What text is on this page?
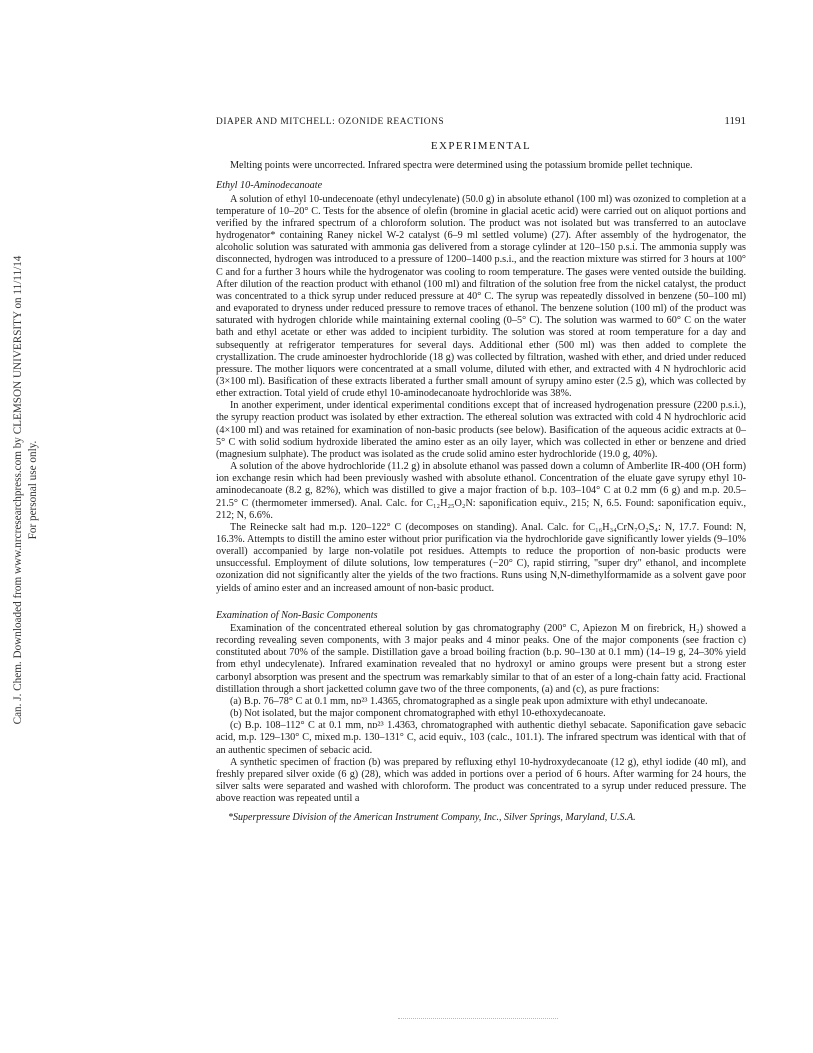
Can. J. Chem. Downloaded from www.nrcresearchpress.com by CLEMSON UNIVERSITY on 11/11/14 For personal use only.
DIAPER AND MITCHELL: OZONIDE REACTIONS	1191
EXPERIMENTAL

Melting points were uncorrected. Infrared spectra were determined using the potassium bromide pellet technique.

Ethyl 10-Aminodecanoate

A solution of ethyl 10-undecenoate (ethyl undecylenate) (50.0 g) in absolute ethanol (100 ml) was ozonized to completion at a temperature of 10–20° C. Tests for the absence of olefin (bromine in glacial acetic acid) were carried out on aliquot portions and verified by the infrared spectrum of a chloroform solution. The product was not isolated but was transferred to an autoclave hydrogenator* containing Raney nickel W-2 catalyst (6–9 ml settled volume) (27). After assembly of the hydrogenator, the alcoholic solution was saturated with ammonia gas delivered from a storage cylinder at 120–150 p.s.i. The ammonia supply was disconnected, hydrogen was introduced to a pressure of 1200–1400 p.s.i., and the reaction mixture was stirred for 3 hours at 100° C and for a further 3 hours while the hydrogenator was cooling to room temperature. The gases were vented outside the building. After dilution of the reaction product with ethanol (100 ml) and filtration of the solution free from the nickel catalyst, the product was concentrated to a thick syrup under reduced pressure at 40° C. The syrup was repeatedly dissolved in benzene (50–100 ml) and evaporated to dryness under reduced pressure to remove traces of ethanol. The benzene solution (100 ml) of the product was saturated with hydrogen chloride while maintaining external cooling (0–5° C). The solution was warmed to 60° C on the water bath and ethyl acetate or ether was added to incipient turbidity. The solution was stored at room temperature for a day and subsequently at refrigerator temperatures for several days. Additional ether (500 ml) was then added to complete the crystallization. The crude aminoester hydrochloride (18 g) was collected by filtration, washed with ether, and dried under reduced pressure. The mother liquors were concentrated at a small volume, diluted with ether, and extracted with 4 N hydrochloric acid (3×100 ml). Basification of these extracts liberated a further small amount of syrupy amino ester (2.5 g), which was collected by ether extraction. Total yield of crude ethyl 10-aminodecanoate hydrochloride was 38%.

In another experiment, under identical experimental conditions except that of increased hydrogenation pressure (2200 p.s.i.), the syrupy reaction product was isolated by ether extraction. The ethereal solution was extracted with cold 4 N hydrochloric acid (4×100 ml) and was retained for examination of non-basic products (see below). Basification of the aqueous acidic extracts at 0–5° C with solid sodium hydroxide liberated the amino ester as an oily layer, which was collected in ether or benzene and dried (magnesium sulphate). The product was isolated as the crude solid amino ester hydrochloride (19.0 g, 40%).

A solution of the above hydrochloride (11.2 g) in absolute ethanol was passed down a column of Amberlite IR-400 (OH form) ion exchange resin which had been previously washed with absolute ethanol. Concentration of the eluate gave syrupy ethyl 10-aminodecanoate (8.2 g, 82%), which was distilled to give a major fraction of b.p. 103–104° C at 0.2 mm (6 g) and m.p. 20.5–21.5° C (thermometer immersed). Anal. Calc. for C₁₂H₂₅O₂N: saponification equiv., 215; N, 6.5. Found: saponification equiv., 212; N, 6.6%.

The Reinecke salt had m.p. 120–122° C (decomposes on standing). Anal. Calc. for C₁₆H₃₄CrN₇O₂S₄: N, 17.7. Found: N, 16.3%. Attempts to distill the amino ester without prior purification via the hydrochloride gave significantly lower yields (9–10% overall) accompanied by large non-volatile pot residues. Attempts to reduce the proportion of non-basic products were unsuccessful. Employment of dilute solutions, low temperatures (−20° C), rapid stirring, "super dry" ethanol, and incomplete ozonization did not significantly alter the yields of the two fractions. Runs using N,N-dimethylformamide as a solvent gave poor yields of amino ester and an increased amount of non-basic product.

Examination of Non-Basic Components

Examination of the concentrated ethereal solution by gas chromatography (200° C, Apiezon M on firebrick, H₂) showed a recording revealing seven components, with 3 major peaks and 4 minor peaks. One of the major components (see fraction c) constituted about 70% of the sample. Distillation gave a broad boiling fraction (b.p. 90–130 at 0.1 mm) (14–19 g, 24–30% yield from ethyl undecylenate). Infrared examination revealed that no hydroxyl or amino groups were present but a strong ester carbonyl absorption was present and the spectrum was remarkably similar to that of an ester of a long-chain fatty acid. Fractional distillation through a short jacketted column gave two of the three components, (a) and (c), as pure fractions:

(a) B.p. 76–78° C at 0.1 mm, nᴅ²³ 1.4365, chromatographed as a single peak upon admixture with ethyl undecanoate.

(b) Not isolated, but the major component chromatographed with ethyl 10-ethoxydecanoate.

(c) B.p. 108–112° C at 0.1 mm, nᴅ²³ 1.4363, chromatographed with authentic diethyl sebacate. Saponification gave sebacic acid, m.p. 129–130° C, mixed m.p. 130–131° C, acid equiv., 103 (calc., 101.1). The infrared spectrum was identical with that of an authentic specimen of sebacic acid.

A synthetic specimen of fraction (b) was prepared by refluxing ethyl 10-hydroxydecanoate (12 g), ethyl iodide (40 ml), and freshly prepared silver oxide (6 g) (28), which was added in portions over a period of 6 hours. After warming for 24 hours, the silver salts were separated and washed with chloroform. The product was concentrated to a syrup under reduced pressure. The above reaction was repeated until a

*Superpressure Division of the American Instrument Company, Inc., Silver Springs, Maryland, U.S.A.
